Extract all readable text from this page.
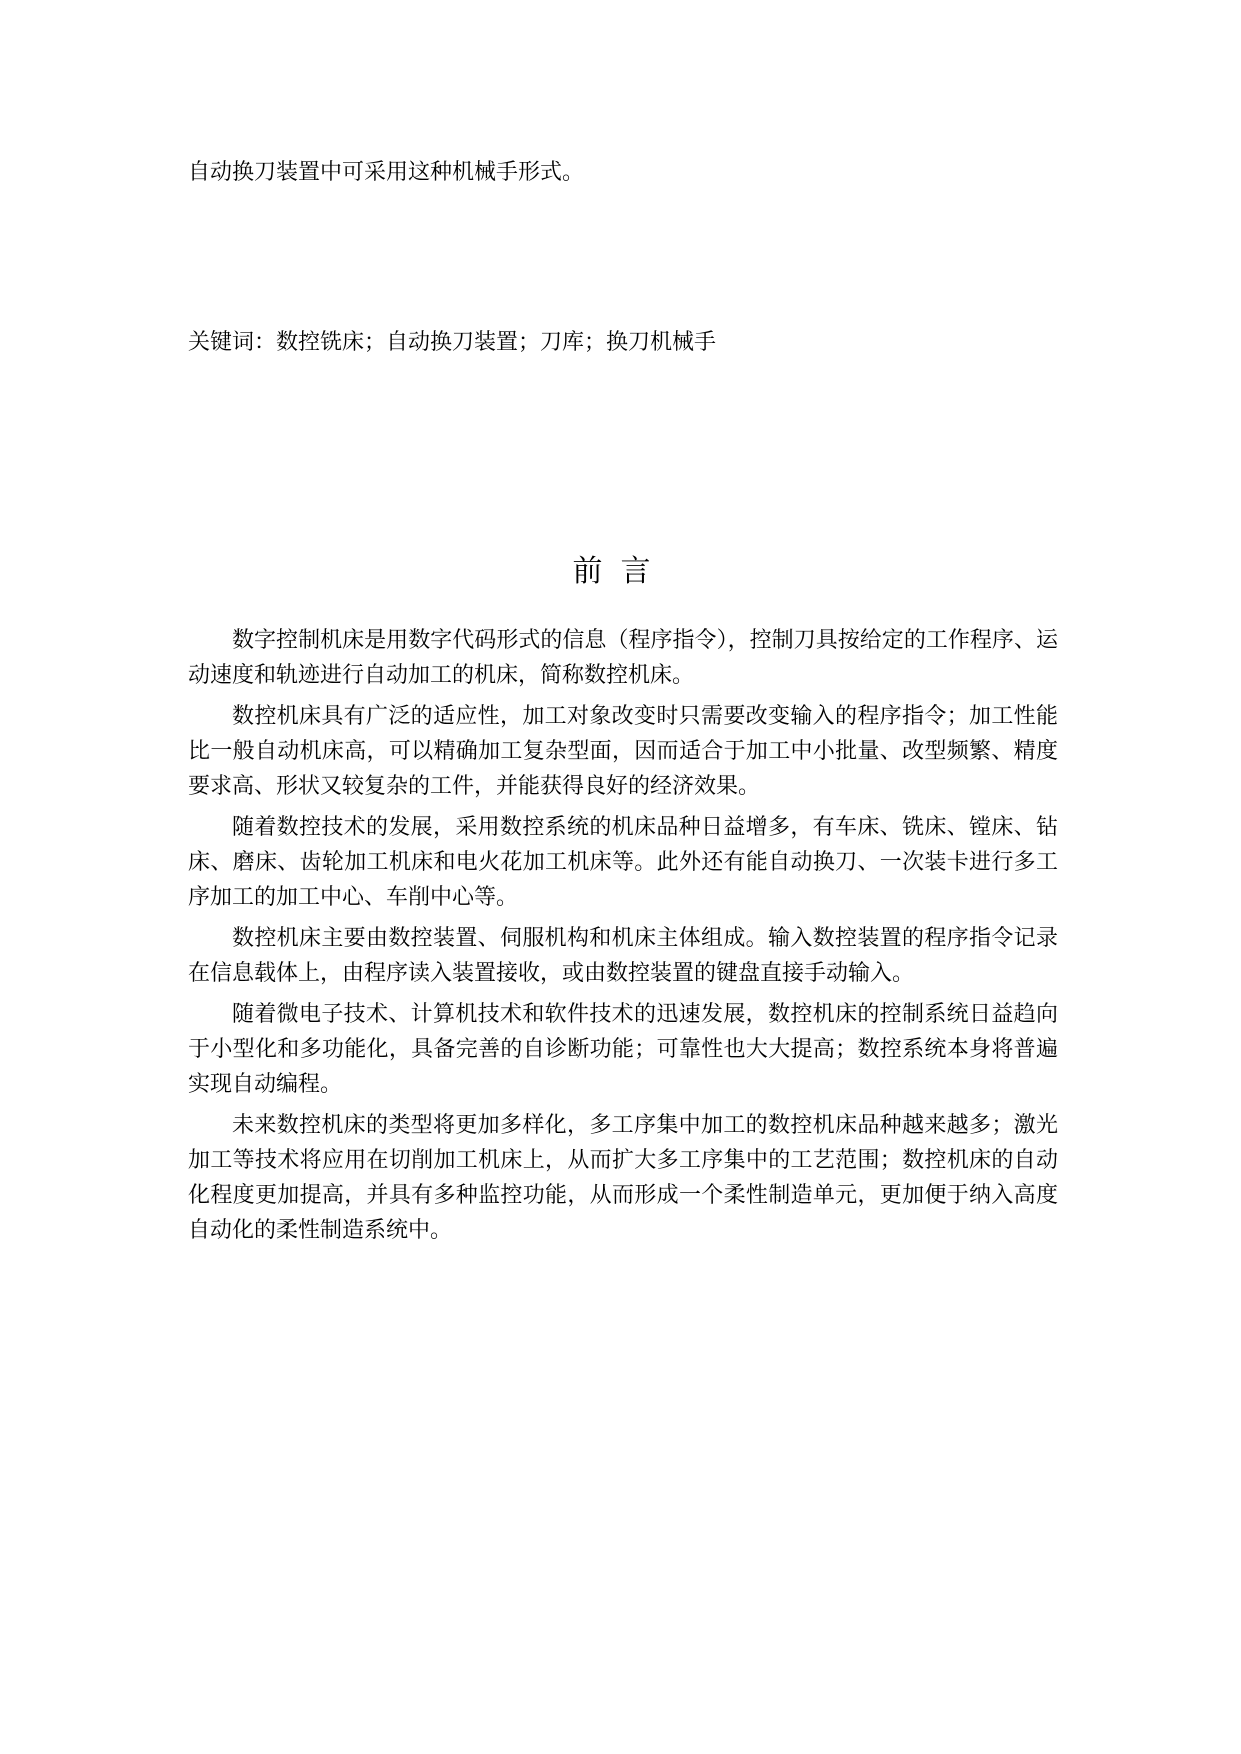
自动换刀装置中可采用这种机械手形式。
关键词：数控铣床；自动换刀装置；刀库；换刀机械手
前言

数字控制机床是用数字代码形式的信息（程序指令），控制刀具按给定的工作程序、运动速度和轨迹进行自动加工的机床，简称数控机床。

数控机床具有广泛的适应性，加工对象改变时只需要改变输入的程序指令；加工性能比一般自动机床高，可以精确加工复杂型面，因而适合于加工中小批量、改型频繁、精度要求高、形状又较复杂的工件，并能获得良好的经济效果。

随着数控技术的发展，采用数控系统的机床品种日益增多，有车床、铣床、镗床、钻床、磨床、齿轮加工机床和电火花加工机床等。此外还有能自动换刀、一次装卡进行多工序加工的加工中心、车削中心等。

数控机床主要由数控装置、伺服机构和机床主体组成。输入数控装置的程序指令记录在信息载体上，由程序读入装置接收，或由数控装置的键盘直接手动输入。

随着微电子技术、计算机技术和软件技术的迅速发展，数控机床的控制系统日益趋向于小型化和多功能化，具备完善的自诊断功能；可靠性也大大提高；数控系统本身将普遍实现自动编程。

未来数控机床的类型将更加多样化，多工序集中加工的数控机床品种越来越多；激光加工等技术将应用在切削加工机床上，从而扩大多工序集中的工艺范围；数控机床的自动化程度更加提高，并具有多种监控功能，从而形成一个柔性制造单元，更加便于纳入高度自动化的柔性制造系统中。
